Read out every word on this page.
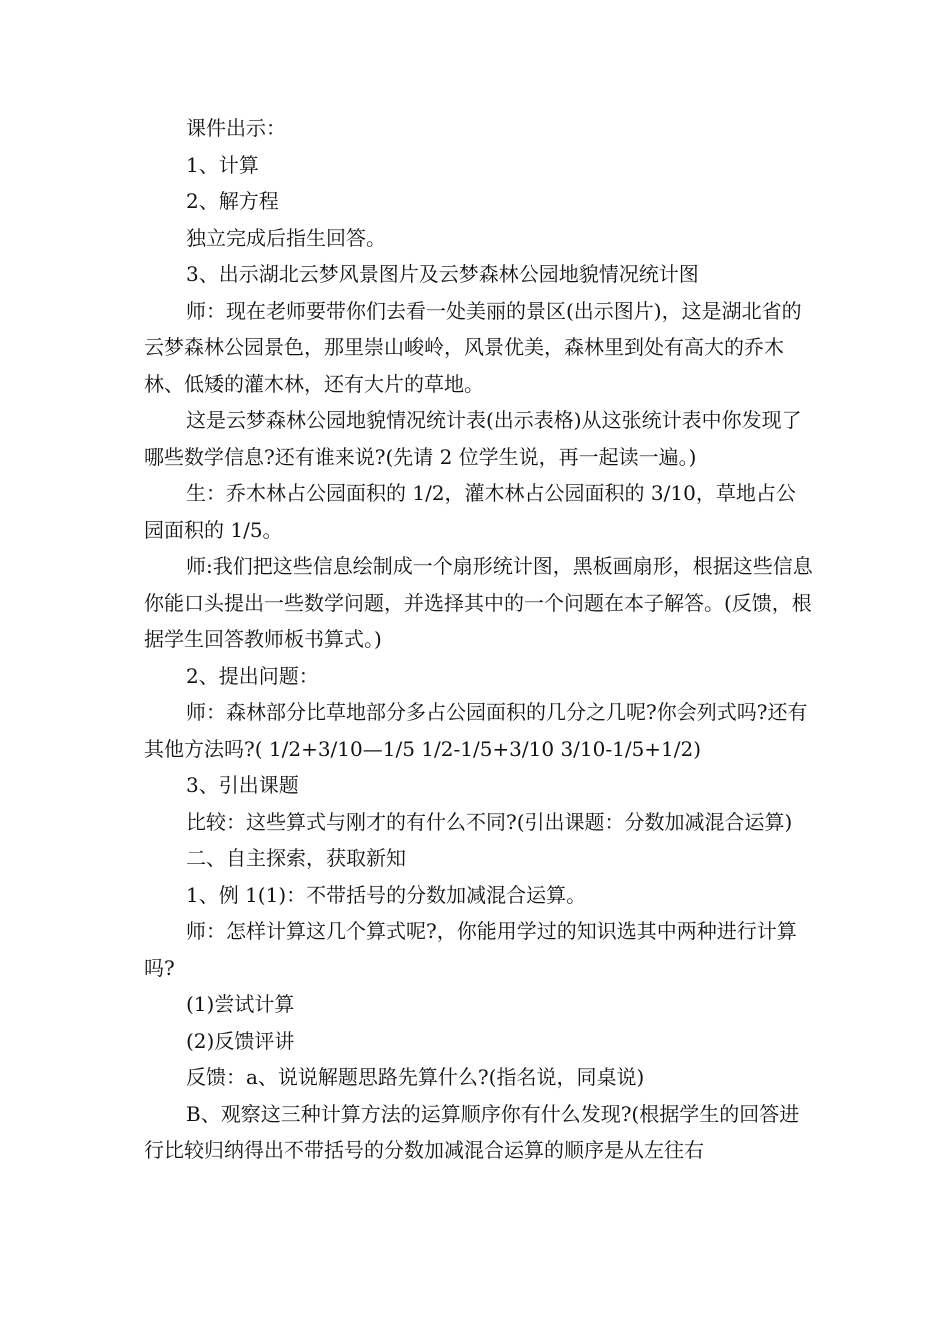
课件出示：

1、计算

2、解方程

独立完成后指生回答。

3、出示湖北云梦风景图片及云梦森林公园地貌情况统计图

师：现在老师要带你们去看一处美丽的景区(出示图片)，这是湖北省的云梦森林公园景色，那里崇山峻岭，风景优美，森林里到处有高大的乔木林、低矮的灌木林，还有大片的草地。

这是云梦森林公园地貌情况统计表(出示表格)从这张统计表中你发现了哪些数学信息?还有谁来说?(先请 2 位学生说，再一起读一遍。)

生：乔木林占公园面积的 1/2，灌木林占公园面积的 3/10，草地占公园面积的 1/5。

师:我们把这些信息绘制成一个扇形统计图，黑板画扇形，根据这些信息你能口头提出一些数学问题，并选择其中的一个问题在本子解答。(反馈，根据学生回答教师板书算式。)

2、提出问题：

师：森林部分比草地部分多占公园面积的几分之几呢?你会列式吗?还有其他方法吗?( 1/2+3/10—1/5 1/2-1/5+3/10 3/10-1/5+1/2)

3、引出课题

比较：这些算式与刚才的有什么不同?(引出课题：分数加减混合运算)

二、自主探索，获取新知

1、例 1(1)：不带括号的分数加减混合运算。

师：怎样计算这几个算式呢?，你能用学过的知识选其中两种进行计算吗?

(1)尝试计算

(2)反馈评讲

反馈：a、说说解题思路先算什么?(指名说，同桌说)

B、观察这三种计算方法的运算顺序你有什么发现?(根据学生的回答进行比较归纳得出不带括号的分数加减混合运算的顺序是从左往右
